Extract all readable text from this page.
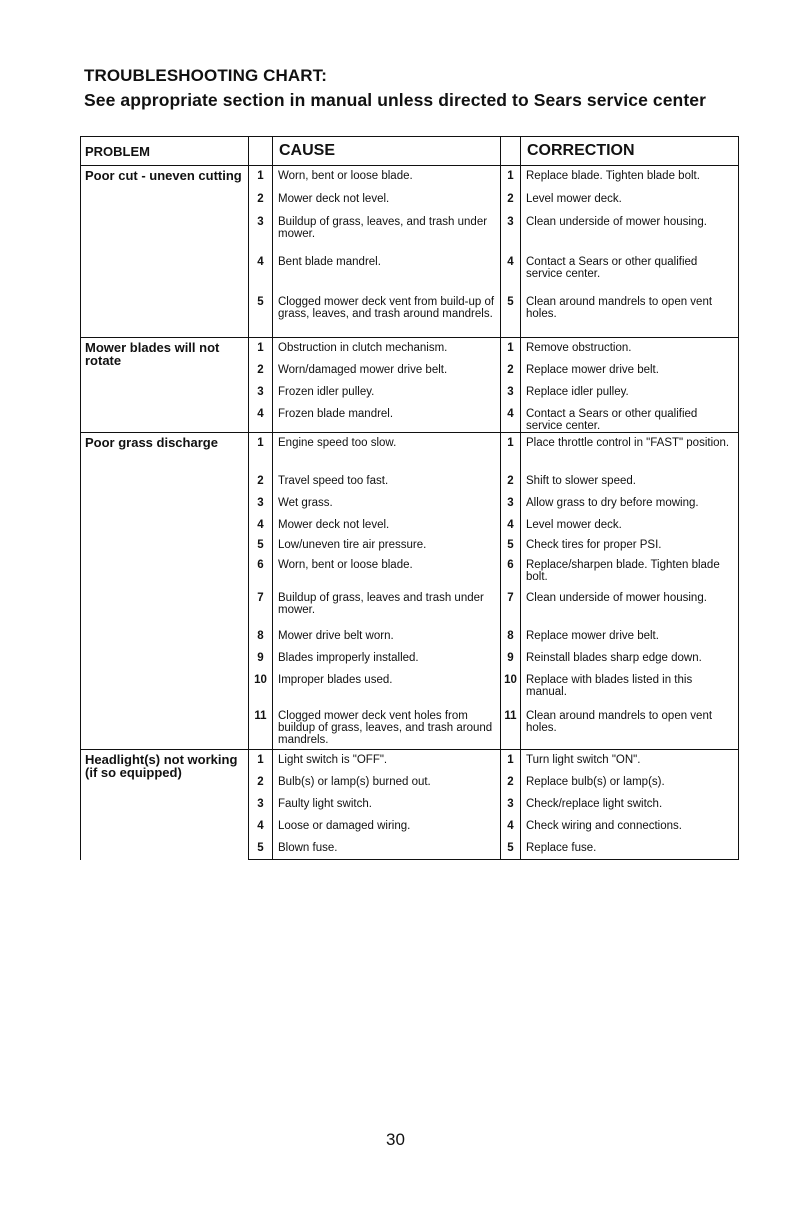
TROUBLESHOOTING CHART:
See appropriate section in manual unless directed to Sears service center
PROBLEM		CAUSE		CORRECTION
Poor cut - uneven cutting	1	Worn, bent or loose blade.	1	Replace blade. Tighten blade bolt.
	2	Mower deck not level.	2	Level mower deck.
	3	Buildup of grass, leaves, and trash under mower.	3	Clean underside of mower housing.
	4	Bent blade mandrel.	4	Contact a Sears or other qualified service center.
	5	Clogged mower deck vent from build-up of grass, leaves, and trash around mandrels.	5	Clean around mandrels to open vent holes.
Mower blades will not rotate	1	Obstruction in clutch mechanism.	1	Remove obstruction.
	2	Worn/damaged mower drive belt.	2	Replace mower drive belt.
	3	Frozen idler pulley.	3	Replace idler pulley.
	4	Frozen blade mandrel.	4	Contact a Sears or other qualified service center.
Poor grass discharge	1	Engine speed too slow.	1	Place throttle control in "FAST" position.
	2	Travel speed too fast.	2	Shift to slower speed.
	3	Wet grass.	3	Allow grass to dry before mowing.
	4	Mower deck not level.	4	Level mower deck.
	5	Low/uneven tire air pressure.	5	Check tires for proper PSI.
	6	Worn, bent or loose blade.	6	Replace/sharpen blade. Tighten blade bolt.
	7	Buildup of grass, leaves and trash under mower.	7	Clean underside of mower housing.
	8	Mower drive belt worn.	8	Replace mower drive belt.
	9	Blades improperly installed.	9	Reinstall blades sharp edge down.
	10	Improper blades used.	10	Replace with blades listed in this manual.
	11	Clogged mower deck vent holes from buildup of grass, leaves, and trash around mandrels.	11	Clean around mandrels to open vent holes.
Headlight(s) not working (if so equipped)	1	Light switch is "OFF".	1	Turn light switch "ON".
	2	Bulb(s) or lamp(s) burned out.	2	Replace bulb(s) or lamp(s).
	3	Faulty light switch.	3	Check/replace light switch.
	4	Loose or damaged wiring.	4	Check wiring and connections.
	5	Blown fuse.	5	Replace fuse.
30
